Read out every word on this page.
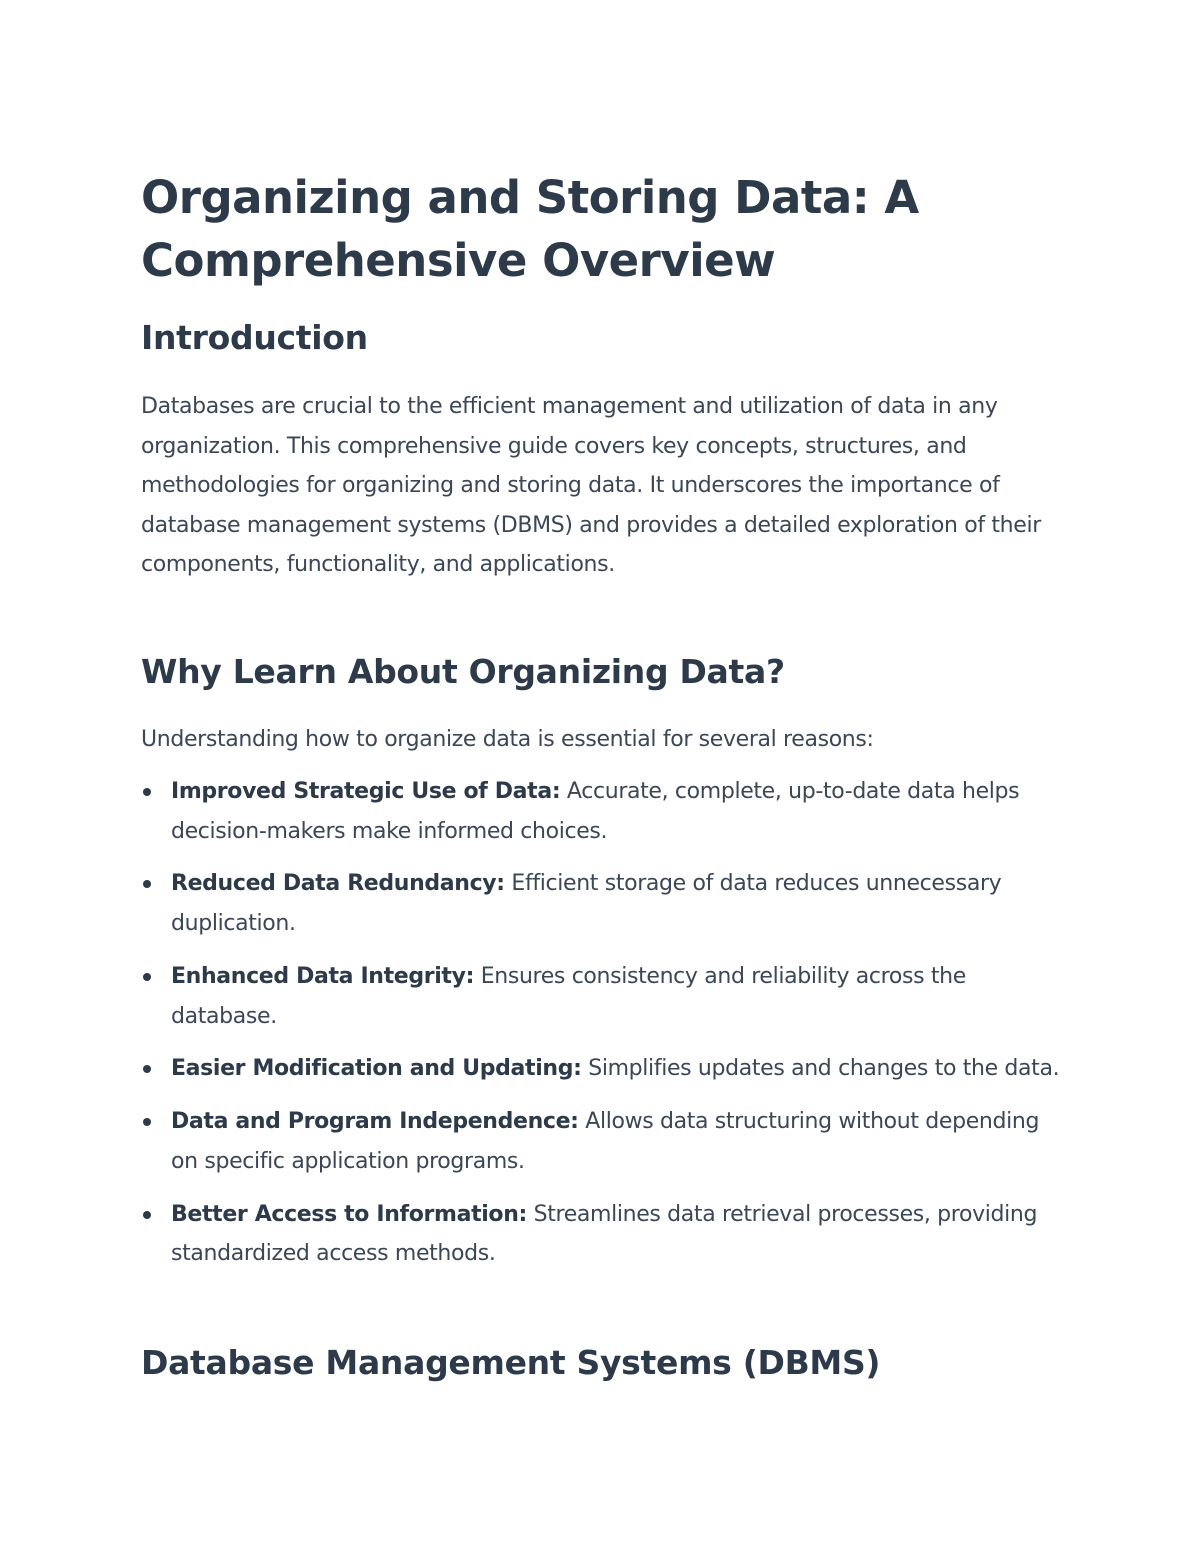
Organizing and Storing Data: A Comprehensive Overview
Introduction

Databases are crucial to the efficient management and utilization of data in any organization. This comprehensive guide covers key concepts, structures, and methodologies for organizing and storing data. It underscores the importance of database management systems (DBMS) and provides a detailed exploration of their components, functionality, and applications.

Why Learn About Organizing Data?

Understanding how to organize data is essential for several reasons:

Improved Strategic Use of Data: Accurate, complete, up-to-date data helps decision-makers make informed choices.
Reduced Data Redundancy: Efficient storage of data reduces unnecessary duplication.
Enhanced Data Integrity: Ensures consistency and reliability across the database.
Easier Modification and Updating: Simplifies updates and changes to the data.
Data and Program Independence: Allows data structuring without depending on specific application programs.
Better Access to Information: Streamlines data retrieval processes, providing standardized access methods.
Database Management Systems (DBMS)
